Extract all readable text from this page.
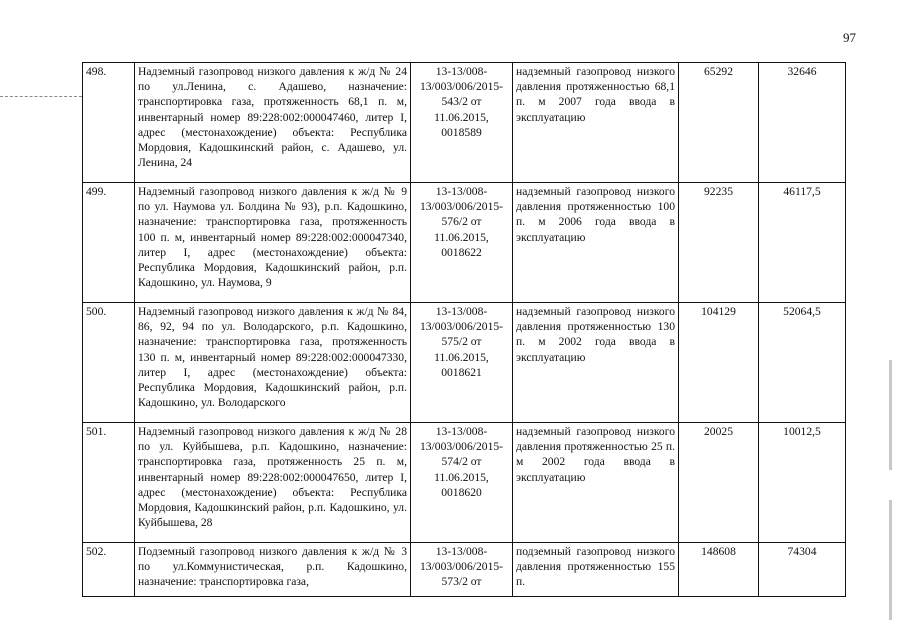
97
498.	Надземный газопровод низкого давления к ж/д № 24 по ул.Ленина, с. Адашево, назначение: транспортировка газа, протяженность 68,1 п. м, инвентарный номер 89:228:002:000047460, литер I, адрес (местонахождение) объекта: Республика Мордовия, Кадошкинский район, с. Адашево, ул. Ленина, 24	13-13/008-13/003/006/2015-543/2 от 11.06.2015, 0018589	надземный газопровод низкого давления протяженностью 68,1 п. м 2007 года ввода в эксплуатацию	65292	32646
499.	Надземный газопровод низкого давления к ж/д № 9 по ул. Наумова ул. Болдина № 93), р.п. Кадошкино, назначение: транспортировка газа, протяженность 100 п. м, инвентарный номер 89:228:002:000047340, литер I, адрес (местонахождение) объекта: Республика Мордовия, Кадошкинский район, р.п. Кадошкино, ул. Наумова, 9	13-13/008-13/003/006/2015-576/2 от 11.06.2015, 0018622	надземный газопровод низкого давления протяженностью 100 п. м 2006 года ввода в эксплуатацию	92235	46117,5
500.	Надземный газопровод низкого давления к ж/д № 84, 86, 92, 94 по ул. Володарского, р.п. Кадошкино, назначение: транспортировка газа, протяженность 130 п. м, инвентарный номер 89:228:002:000047330, литер I, адрес (местонахождение) объекта: Республика Мордовия, Кадошкинский район, р.п. Кадошкино, ул. Володарского	13-13/008-13/003/006/2015-575/2 от 11.06.2015, 0018621	надземный газопровод низкого давления протяженностью 130 п. м 2002 года ввода в эксплуатацию	104129	52064,5
501.	Надземный газопровод низкого давления к ж/д № 28 по ул. Куйбышева, р.п. Кадошкино, назначение: транспортировка газа, протяженность 25 п. м, инвентарный номер 89:228:002:000047650, литер I, адрес (местонахождение) объекта: Республика Мордовия, Кадошкинский район, р.п. Кадошкино, ул. Куйбышева, 28	13-13/008-13/003/006/2015-574/2 от 11.06.2015, 0018620	надземный газопровод низкого давления протяженностью 25 п. м 2002 года ввода в эксплуатацию	20025	10012,5
502.	Подземный газопровод низкого давления к ж/д № 3 по ул.Коммунистическая, р.п. Кадошкино, назначение: транспортировка газа,	13-13/008-13/003/006/2015-573/2 от	подземный газопровод низкого давления протяженностью 155 п.	148608	74304
